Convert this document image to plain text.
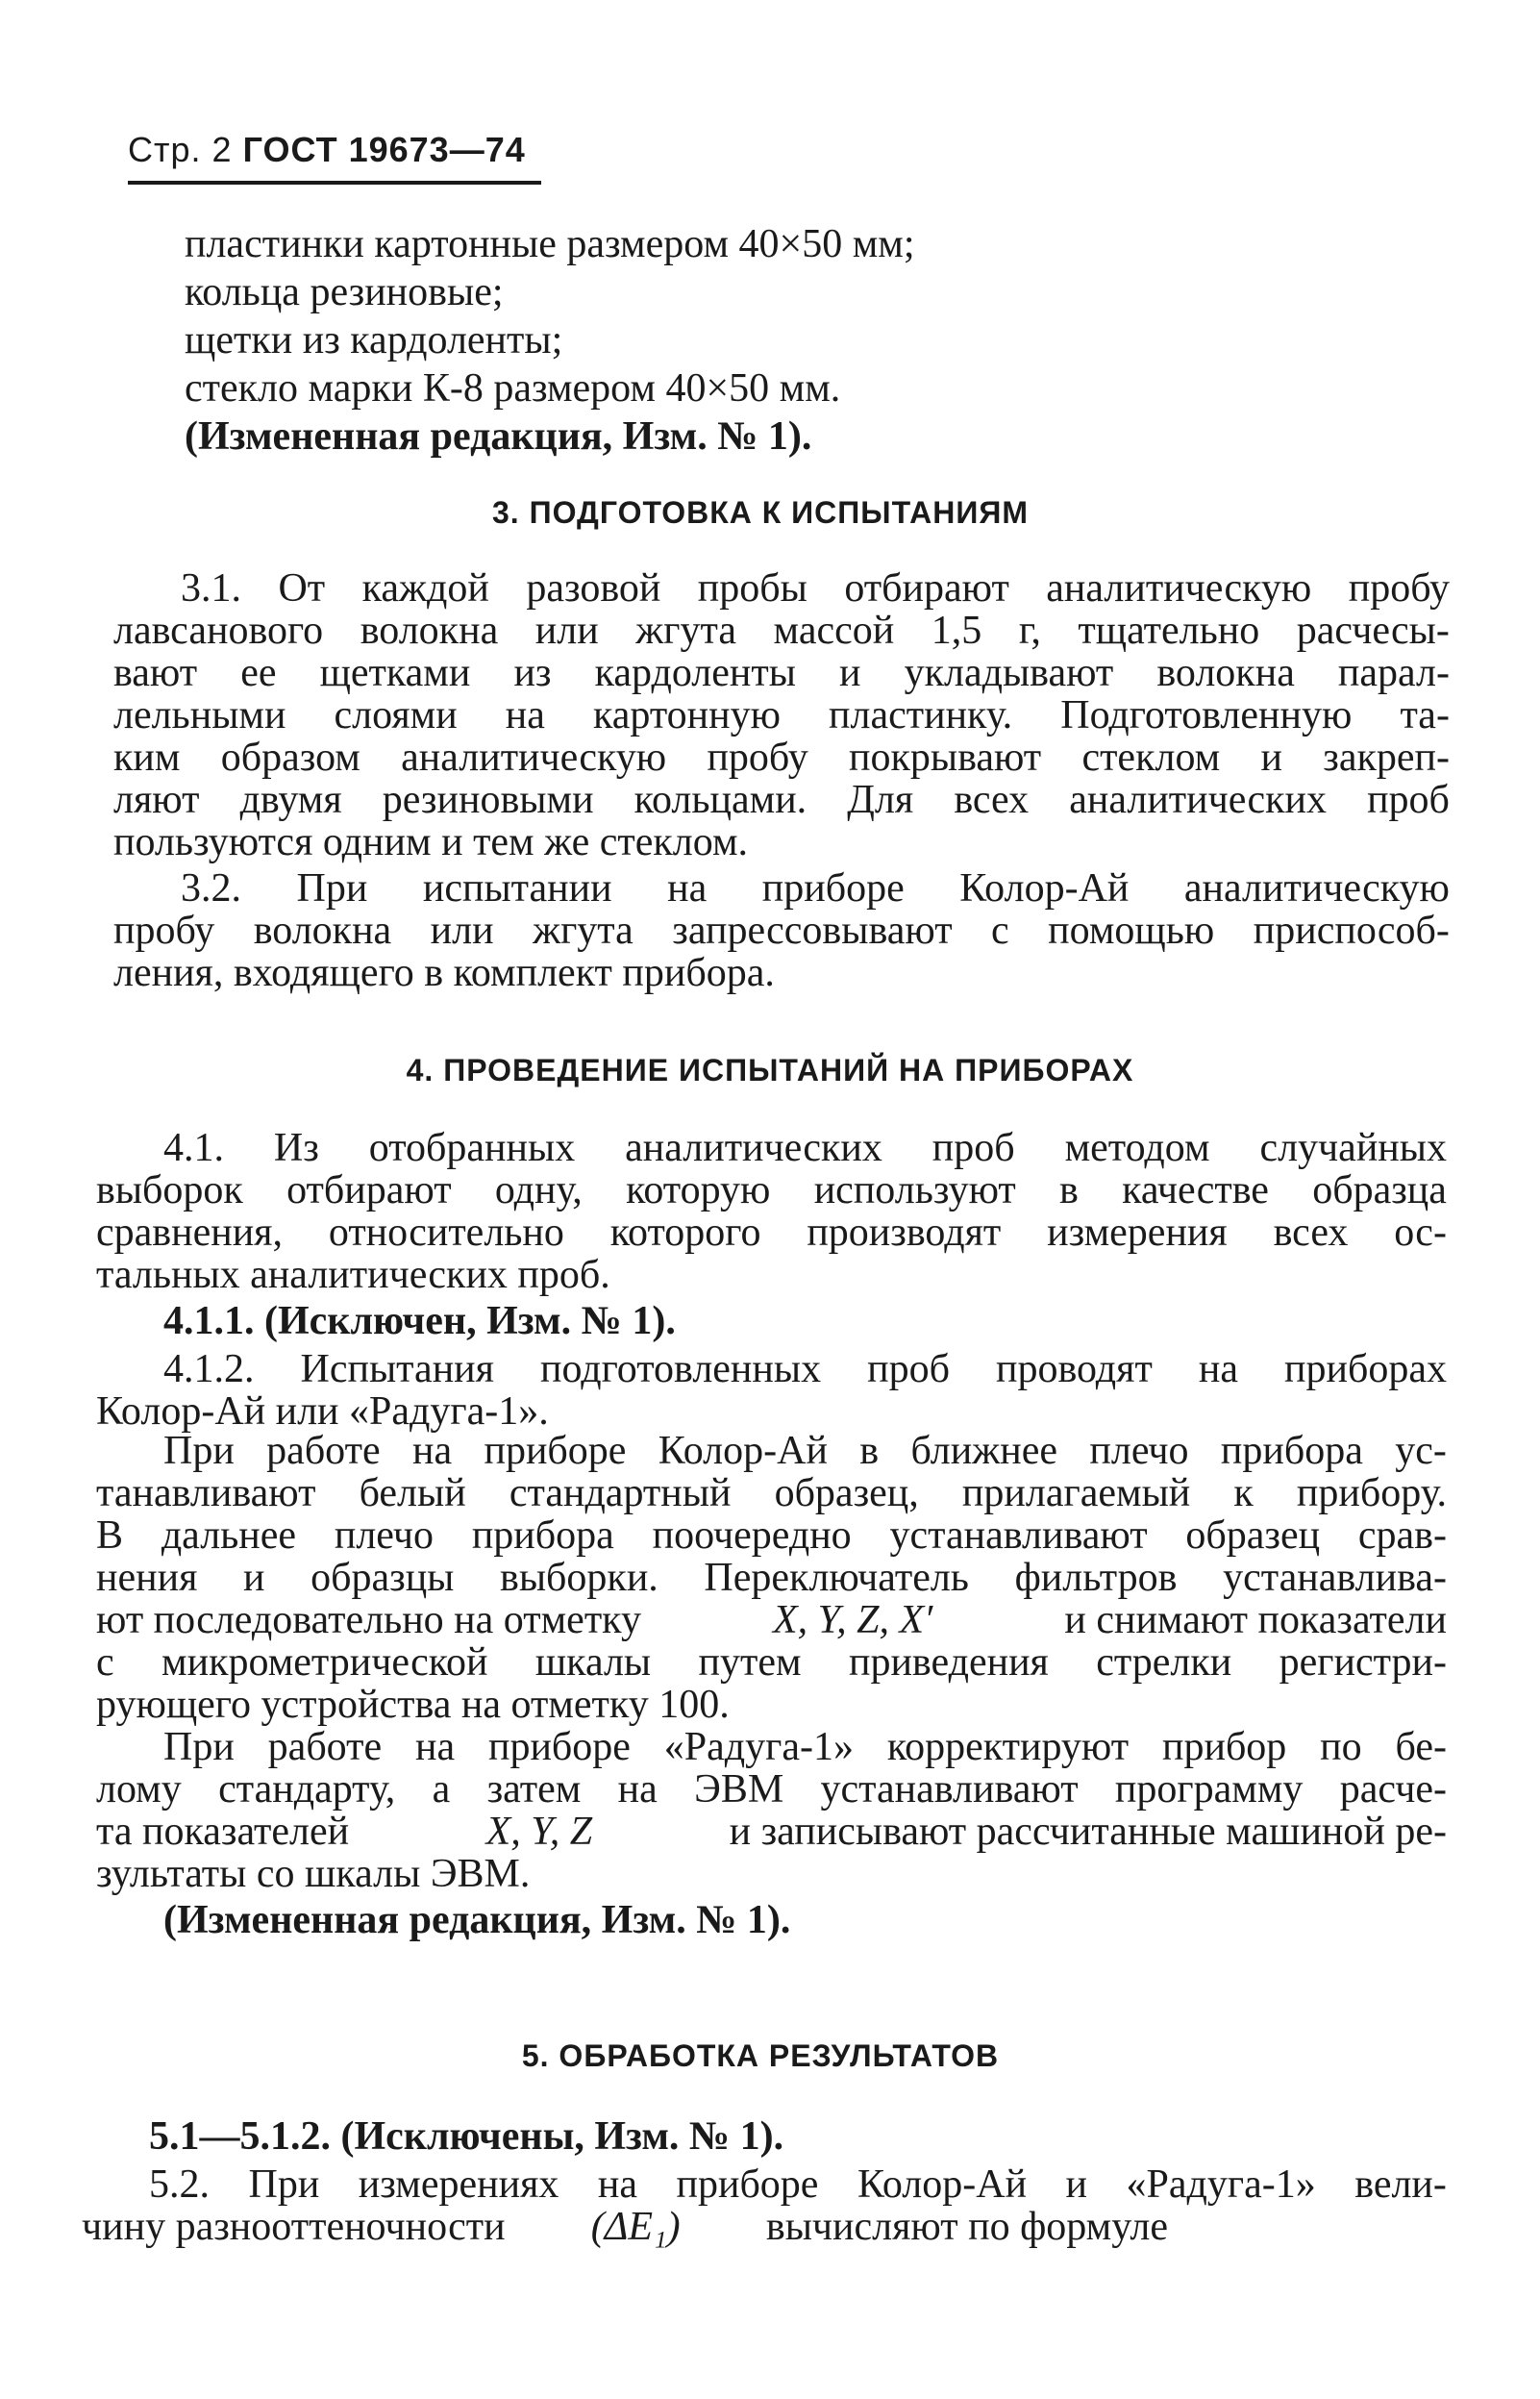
Стр. 2 ГОСТ 19673—74
пластинки картонные размером 40×50 мм;
кольца резиновые;
щетки из кардоленты;
стекло марки К-8 размером 40×50 мм.
(Измененная редакция, Изм. № 1).
3. ПОДГОТОВКА К ИСПЫТАНИЯМ
3.1. От каждой разовой пробы отбирают аналитическую пробу
лавсанового волокна или жгута массой 1,5 г, тщательно расчесы-
вают ее щетками из кардоленты и укладывают волокна парал-
лельными слоями на картонную пластинку. Подготовленную та-
ким образом аналитическую пробу покрывают стеклом и закреп-
ляют двумя резиновыми кольцами. Для всех аналитических проб
пользуются одним и тем же стеклом.
3.2. При испытании на приборе Колор-Ай аналитическую
пробу волокна или жгута запрессовывают с помощью приспособ-
ления, входящего в комплект прибора.
4. ПРОВЕДЕНИЕ ИСПЫТАНИЙ НА ПРИБОРАХ
4.1. Из отобранных аналитических проб методом случайных
выборок отбирают одну, которую используют в качестве образца
сравнения, относительно которого производят измерения всех ос-
тальных аналитических проб.
4.1.1. (Исключен, Изм. № 1).
4.1.2. Испытания подготовленных проб проводят на приборах
Колор-Ай или «Радуга-1».
При работе на приборе Колор-Ай в ближнее плечо прибора ус-
танавливают белый стандартный образец, прилагаемый к прибору.
В дальнее плечо прибора поочередно устанавливают образец срав-
нения и образцы выборки. Переключатель фильтров устанавлива-
ют последовательно на отметку	X, Y, Z, X′	и снимают показатели
с микрометрической шкалы путем приведения стрелки регистри-
рующего устройства на отметку 100.
При работе на приборе «Радуга-1» корректируют прибор по бе-
лому стандарту, а затем на ЭВМ устанавливают программу расче-
та показателей	X, Y, Z	и записывают рассчитанные машиной ре-
зультаты со шкалы ЭВМ.
(Измененная редакция, Изм. № 1).
5. ОБРАБОТКА РЕЗУЛЬТАТОВ
5.1—5.1.2. (Исключены, Изм. № 1).
5.2. При измерениях на приборе Колор-Ай и «Радуга-1» вели-
чину разнооттеночности (ΔE₁) вычисляют по формуле
